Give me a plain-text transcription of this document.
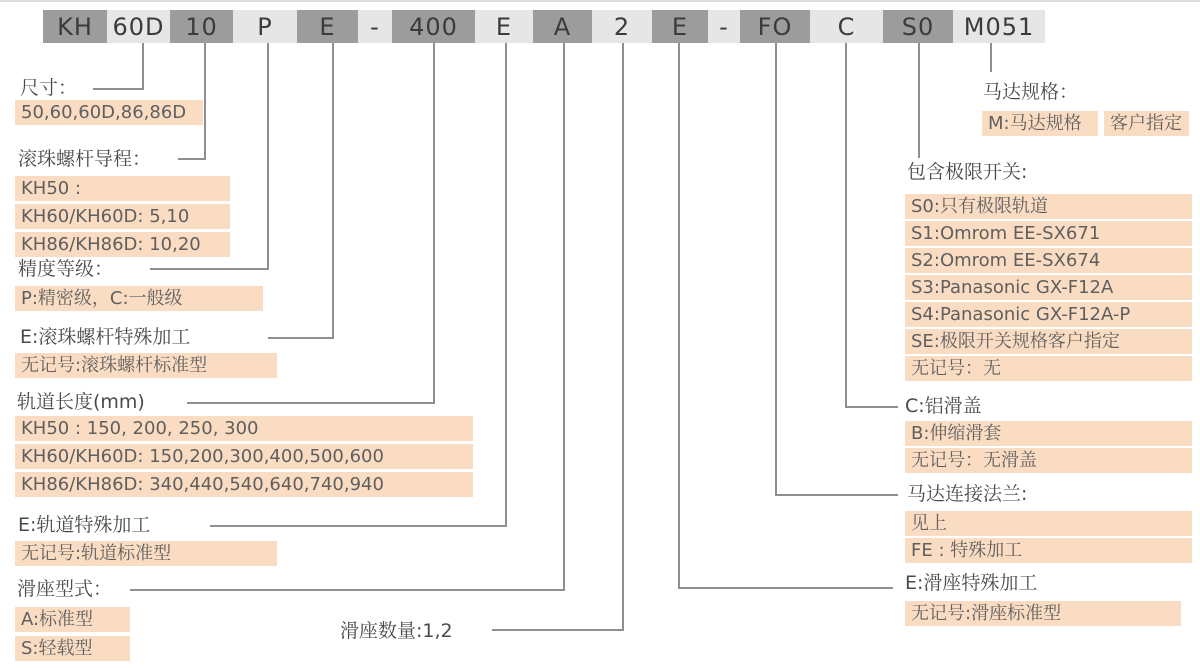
KH 60D 10	P	E	-	400	E	A	2	E	-	FO	C	S0	M051
尺寸：
50,60,60D,86,86D
滚珠螺杆导程：
KH50 :
KH60/KH60D: 5,10
KH86/KH86D: 10,20
精度等级：
P:精密级，C:一般级
E:滚珠螺杆特殊加工
无记号:滚珠螺杆标准型
轨道长度(mm)
KH50 : 150, 200, 250, 300
KH60/KH60D: 150,200,300,400,500,600
KH86/KH86D: 340,440,540,640,740,940
E:轨道特殊加工
无记号:轨道标准型
滑座型式：
A:标准型
S:轻载型
滑座数量:1,2
马达规格：
M:马达规格	客户指定
包含极限开关:
S0:只有极限轨道
S1:Omrom EE-SX671
S2:Omrom EE-SX674
S3:Panasonic GX-F12A
S4:Panasonic GX-F12A-P
SE:极限开关规格客户指定
无记号：无
C:铝滑盖
B:伸缩滑套
无记号：无滑盖
马达连接法兰:
见上
FE : 特殊加工
E:滑座特殊加工
无记号:滑座标准型
